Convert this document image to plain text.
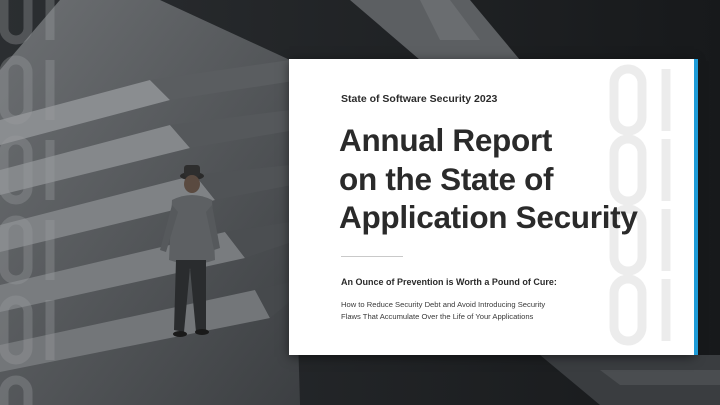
State of Software Security 2023
Annual Report
on the State of
Application Security
An Ounce of Prevention is Worth a Pound of Cure:
How to Reduce Security Debt and Avoid Introducing Security
Flaws That Accumulate Over the Life of Your Applications
